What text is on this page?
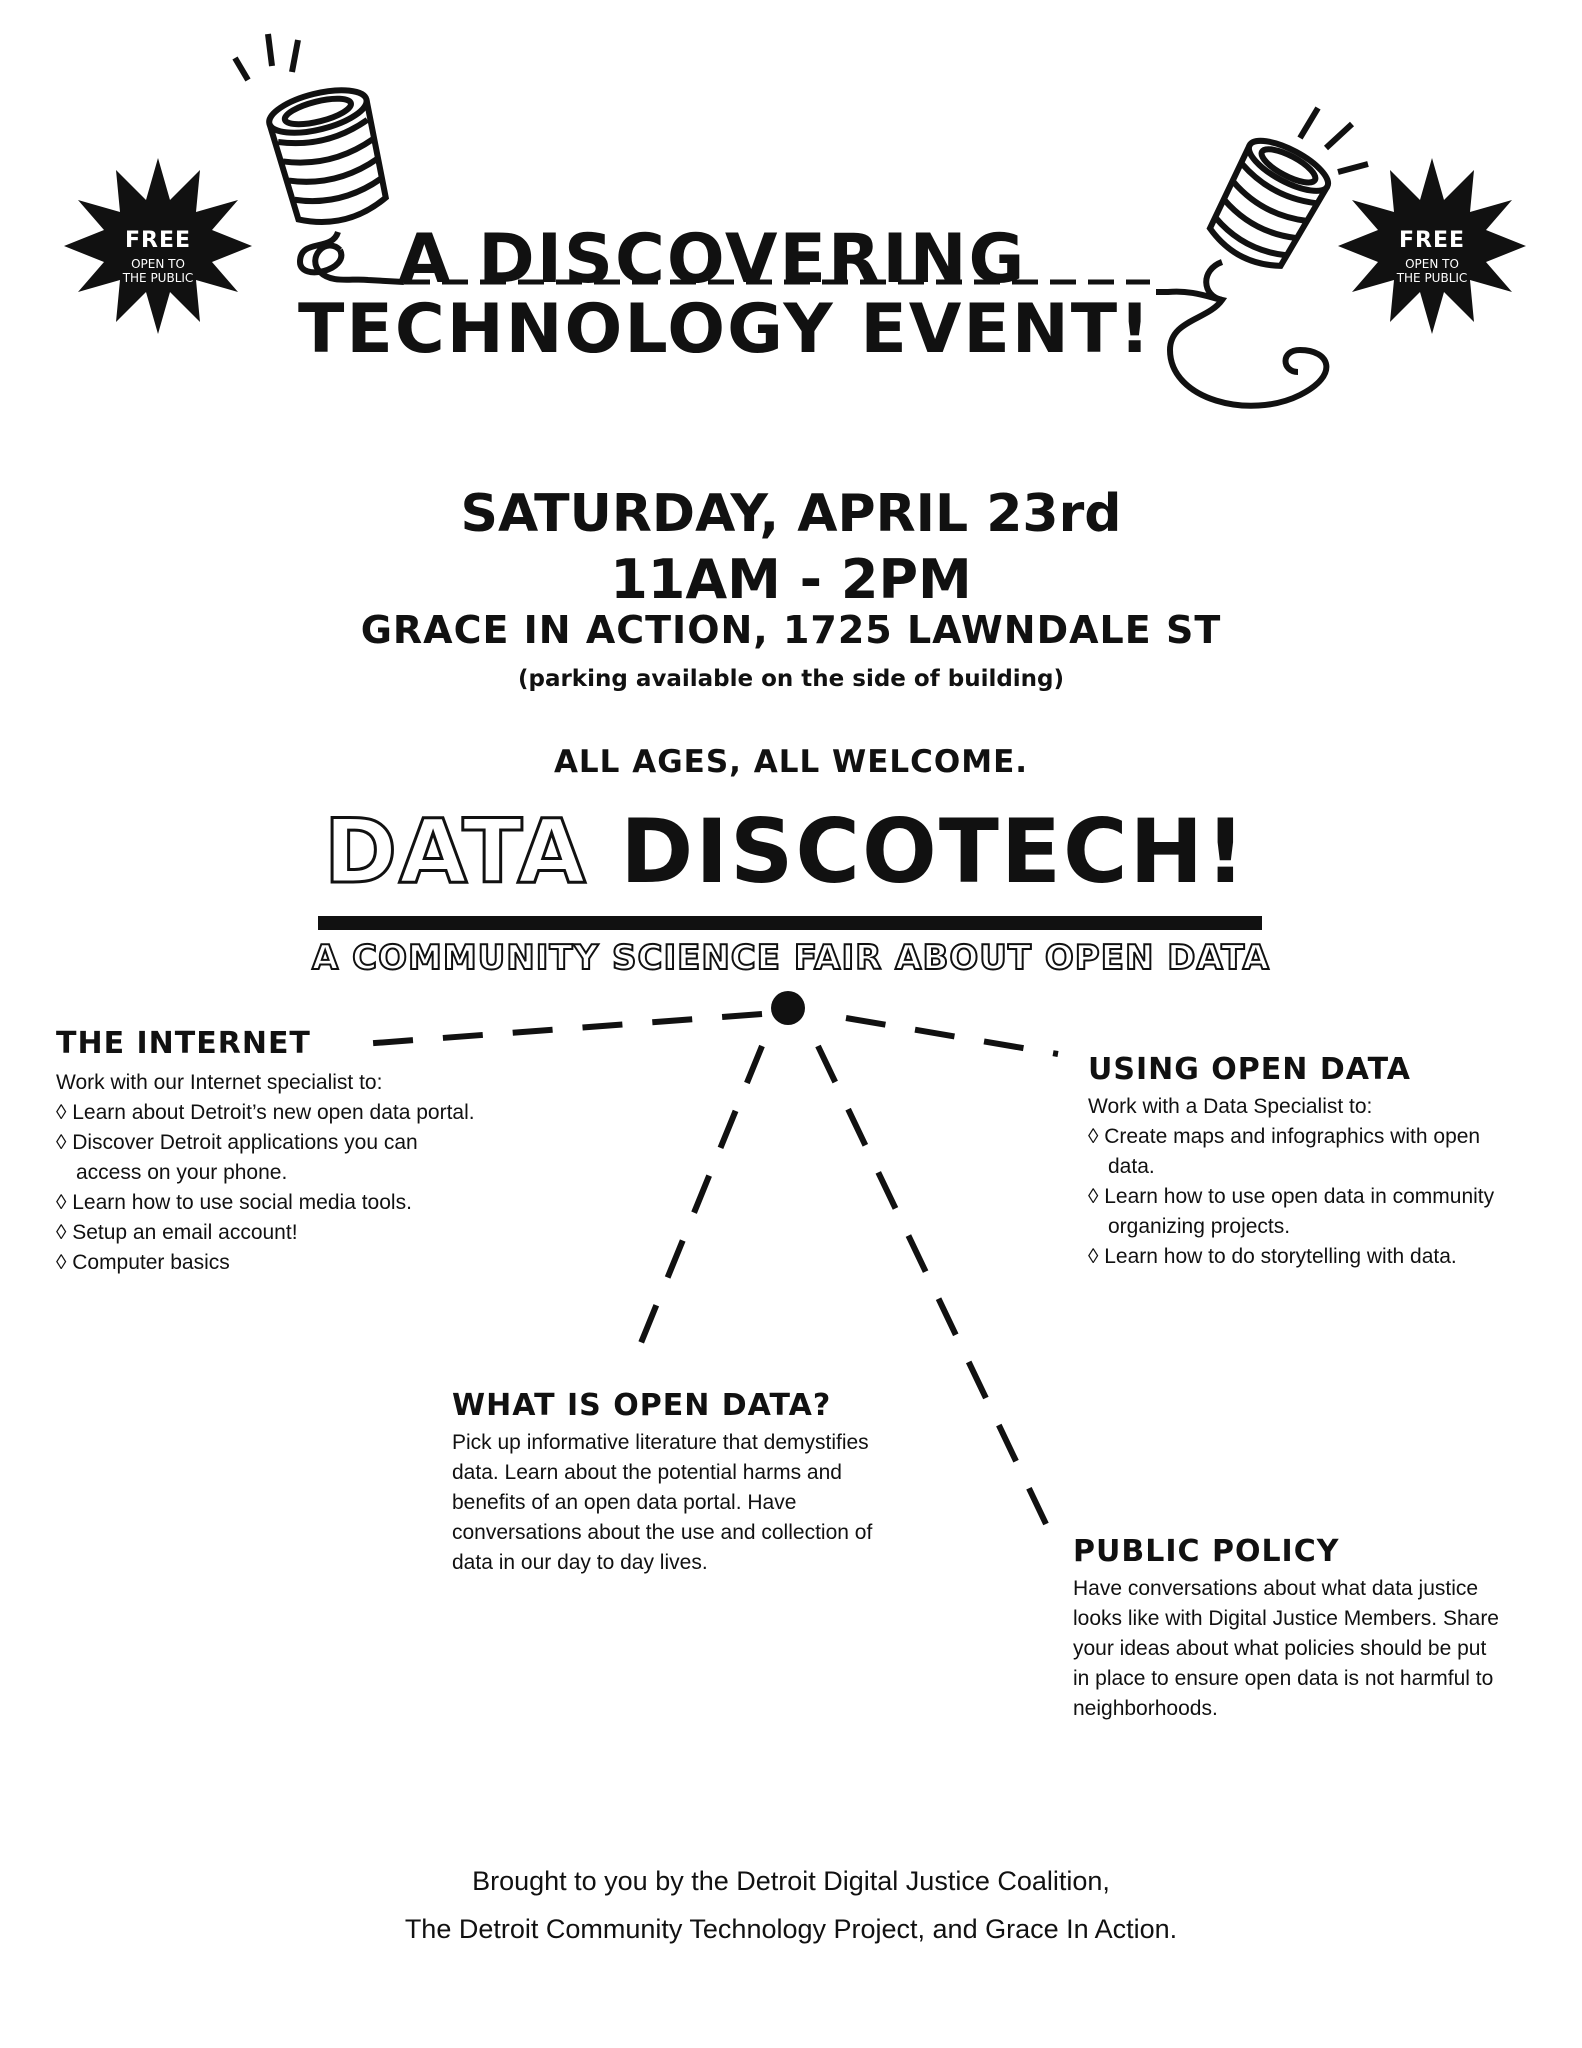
FREE
OPEN TO THE PUBLIC
FREE
OPEN TO THE PUBLIC
A DISCOVERING
TECHNOLOGY EVENT!
SATURDAY, APRIL 23rd
11AM - 2PM
GRACE IN ACTION, 1725 LAWNDALE ST
(parking available on the side of building)
ALL AGES, ALL WELCOME.
DATA DISCOTECH!
A COMMUNITY SCIENCE FAIR ABOUT OPEN DATA
THE INTERNET
Work with our Internet specialist to:
◊ Learn about Detroit’s new open data portal.
◊ Discover Detroit applications you can access on your phone.
◊ Learn how to use social media tools.
◊ Setup an email account!
◊ Computer basics
USING OPEN DATA
Work with a Data Specialist to:
◊ Create maps and infographics with open data.
◊ Learn how to use open data in community organizing projects.
◊ Learn how to do storytelling with data.
WHAT IS OPEN DATA?
Pick up informative literature that demystifies data. Learn about the potential harms and benefits of an open data portal. Have conversations about the use and collection of data in our day to day lives.	PUBLIC POLICY
Have conversations about what data justice looks like with Digital Justice Members. Share your ideas about what policies should be put in place to ensure open data is not harmful to neighborhoods.
Brought to you by the Detroit Digital Justice Coalition,
The Detroit Community Technology Project, and Grace In Action.
